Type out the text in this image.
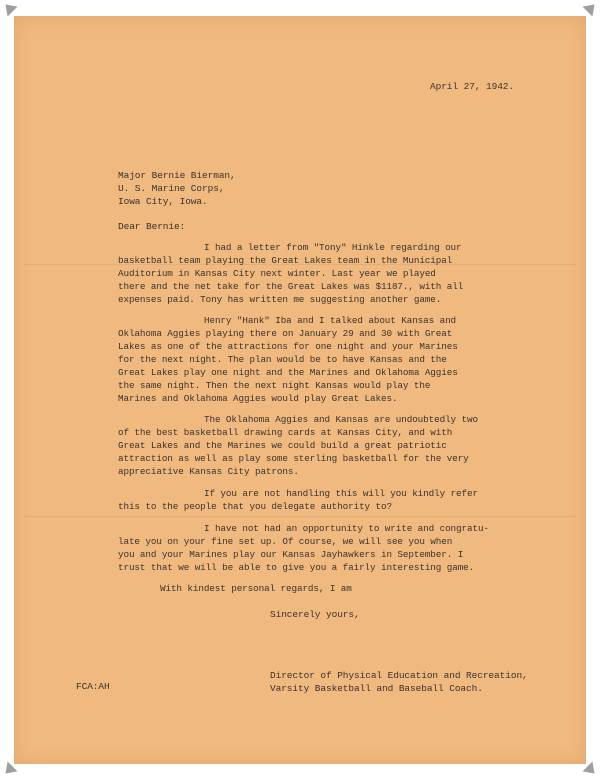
April 27, 1942.
Major Bernie Bierman,
U. S. Marine Corps,
Iowa City, Iowa.
Dear Bernie:
I had a letter from "Tony" Hinkle regarding our
basketball team playing the Great Lakes team in the Municipal
Auditorium in Kansas City next winter. Last year we played
there and the net take for the Great Lakes was $1187., with all
expenses paid. Tony has written me suggesting another game.
Henry "Hank" Iba and I talked about Kansas and
Oklahoma Aggies playing there on January 29 and 30 with Great
Lakes as one of the attractions for one night and your Marines
for the next night. The plan would be to have Kansas and the
Great Lakes play one night and the Marines and Oklahoma Aggies
the same night. Then the next night Kansas would play the
Marines and Oklahoma Aggies would play Great Lakes.
The Oklahoma Aggies and Kansas are undoubtedly two
of the best basketball drawing cards at Kansas City, and with
Great Lakes and the Marines we could build a great patriotic
attraction as well as play some sterling basketball for the very
appreciative Kansas City patrons.
If you are not handling this will you kindly refer
this to the people that you delegate authority to?
I have not had an opportunity to write and congratu-
late you on your fine set up. Of course, we will see you when
you and your Marines play our Kansas Jayhawkers in September. I
trust that we will be able to give you a fairly interesting game.
With kindest personal regards, I am
Sincerely yours,
Director of Physical Education and Recreation,
Varsity Basketball and Baseball Coach.
FCA:AH
